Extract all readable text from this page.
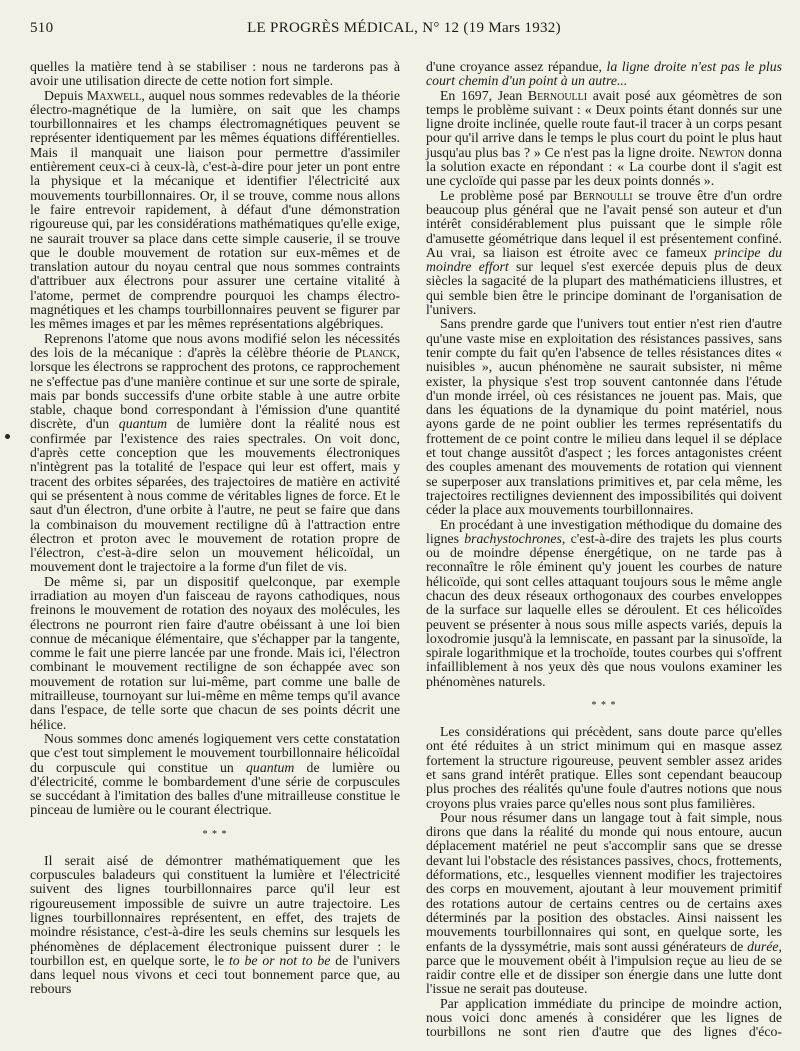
510	LE PROGRÈS MÉDICAL, N° 12 (19 Mars 1932)

quelles la matière tend à se stabiliser : nous ne tarderons pas à avoir une utilisation directe de cette notion fort simple.

Depuis Maxwell, auquel nous sommes redevables de la théorie électro-magnétique de la lumière, on sait que les champs tourbillonnaires et les champs électromagnétiques peuvent se représenter identiquement par les mêmes équations différentielles. Mais il manquait une liaison pour permettre d'assimiler entièrement ceux-ci à ceux-là, c'est-à-dire pour jeter un pont entre la physique et la mécanique et identifier l'électricité aux mouvements tourbillonnaires. Or, il se trouve, comme nous allons le faire entrevoir rapidement, à défaut d'une démonstration rigoureuse qui, par les considérations mathématiques qu'elle exige, ne saurait trouver sa place dans cette simple causerie, il se trouve que le double mouvement de rotation sur eux-mêmes et de translation autour du noyau central que nous sommes contraints d'attribuer aux électrons pour assurer une certaine vitalité à l'atome, permet de comprendre pourquoi les champs électro-magnétiques et les champs tourbillonnaires peuvent se figurer par les mêmes images et par les mêmes représentations algébriques.

Reprenons l'atome que nous avons modifié selon les nécessités des lois de la mécanique : d'après la célèbre théorie de Planck, lorsque les électrons se rapprochent des protons, ce rapprochement ne s'effectue pas d'une manière continue et sur une sorte de spirale, mais par bonds successifs d'une orbite stable à une autre orbite stable, chaque bond correspondant à l'émission d'une quantité discrète, d'un quantum de lumière dont la réalité nous est confirmée par l'existence des raies spectrales. On voit donc, d'après cette conception que les mouvements électroniques n'intègrent pas la totalité de l'espace qui leur est offert, mais y tracent des orbites séparées, des trajectoires de matière en activité qui se présentent à nous comme de véritables lignes de force. Et le saut d'un électron, d'une orbite à l'autre, ne peut se faire que dans la combinaison du mouvement rectiligne dû à l'attraction entre électron et proton avec le mouvement de rotation propre de l'électron, c'est-à-dire selon un mouvement hélicoïdal, un mouvement dont le trajectoire a la forme d'un filet de vis.

De même si, par un dispositif quelconque, par exemple irradiation au moyen d'un faisceau de rayons cathodiques, nous freinons le mouvement de rotation des noyaux des molécules, les électrons ne pourront rien faire d'autre obéissant à une loi bien connue de mécanique élémentaire, que s'échapper par la tangente, comme le fait une pierre lancée par une fronde. Mais ici, l'électron combinant le mouvement rectiligne de son échappée avec son mouvement de rotation sur lui-même, part comme une balle de mitrailleuse, tournoyant sur lui-même en même temps qu'il avance dans l'espace, de telle sorte que chacun de ses points décrit une hélice.

Nous sommes donc amenés logiquement vers cette constatation que c'est tout simplement le mouvement tourbillonnaire hélicoïdal du corpuscule qui constitue un quantum de lumière ou d'électricité, comme le bombardement d'une série de corpuscules se succédant à l'imitation des balles d'une mitrailleuse constitue le pinceau de lumière ou le courant électrique.

* * *

Il serait aisé de démontrer mathématiquement que les corpuscules baladeurs qui constituent la lumière et l'électricité suivent des lignes tourbillonnaires parce qu'il leur est rigoureusement impossible de suivre un autre trajectoire. Les lignes tourbillonnaires représentent, en effet, des trajets de moindre résistance, c'est-à-dire les seuls chemins sur lesquels les phénomènes de déplacement électronique puissent durer : le tourbillon est, en quelque sorte, le to be or not to be de l'univers dans lequel nous vivons et ceci tout bonnement parce que, au rebours

d'une croyance assez répandue, la ligne droite n'est pas le plus court chemin d'un point à un autre...

En 1697, Jean Bernoulli avait posé aux géomètres de son temps le problème suivant : « Deux points étant donnés sur une ligne droite inclinée, quelle route faut-il tracer à un corps pesant pour qu'il arrive dans le temps le plus court du point le plus haut jusqu'au plus bas ? » Ce n'est pas la ligne droite. Newton donna la solution exacte en répondant : « La courbe dont il s'agit est une cycloïde qui passe par les deux points donnés ».

Le problème posé par Bernoulli se trouve être d'un ordre beaucoup plus général que ne l'avait pensé son auteur et d'un intérêt considérablement plus puissant que le simple rôle d'amusette géométrique dans lequel il est présentement confiné. Au vrai, sa liaison est étroite avec ce fameux principe du moindre effort sur lequel s'est exercée depuis plus de deux siècles la sagacité de la plupart des mathématiciens illustres, et qui semble bien être le principe dominant de l'organisation de l'univers.

Sans prendre garde que l'univers tout entier n'est rien d'autre qu'une vaste mise en exploitation des résistances passives, sans tenir compte du fait qu'en l'absence de telles résistances dites « nuisibles », aucun phénomène ne saurait subsister, ni même exister, la physique s'est trop souvent cantonnée dans l'étude d'un monde irréel, où ces résistances ne jouent pas. Mais, que dans les équations de la dynamique du point matériel, nous ayons garde de ne point oublier les termes représentatifs du frottement de ce point contre le milieu dans lequel il se déplace et tout change aussitôt d'aspect ; les forces antagonistes créent des couples amenant des mouvements de rotation qui viennent se superposer aux translations primitives et, par cela même, les trajectoires rectilignes deviennent des impossibilités qui doivent céder la place aux mouvements tourbillonnaires.

En procédant à une investigation méthodique du domaine des lignes brachystochrones, c'est-à-dire des trajets les plus courts ou de moindre dépense énergétique, on ne tarde pas à reconnaître le rôle éminent qu'y jouent les courbes de nature hélicoïde, qui sont celles attaquant toujours sous le même angle chacun des deux réseaux orthogonaux des courbes enveloppes de la surface sur laquelle elles se déroulent. Et ces hélicoïdes peuvent se présenter à nous sous mille aspects variés, depuis la loxodromie jusqu'à la lemniscate, en passant par la sinusoïde, la spirale logarithmique et la trochoïde, toutes courbes qui s'offrent infailliblement à nos yeux dès que nous voulons examiner les phénomènes naturels.

* * *

Les considérations qui précèdent, sans doute parce qu'elles ont été réduites à un strict minimum qui en masque assez fortement la structure rigoureuse, peuvent sembler assez arides et sans grand intérêt pratique. Elles sont cependant beaucoup plus proches des réalités qu'une foule d'autres notions que nous croyons plus vraies parce qu'elles nous sont plus familières.

Pour nous résumer dans un langage tout à fait simple, nous dirons que dans la réalité du monde qui nous entoure, aucun déplacement matériel ne peut s'accomplir sans que se dresse devant lui l'obstacle des résistances passives, chocs, frottements, déformations, etc., lesquelles viennent modifier les trajectoires des corps en mouvement, ajoutant à leur mouvement primitif des rotations autour de certains centres ou de certains axes déterminés par la position des obstacles. Ainsi naissent les mouvements tourbillonnaires qui sont, en quelque sorte, les enfants de la dyssymétrie, mais sont aussi générateurs de durée, parce que le mouvement obéit à l'impulsion reçue au lieu de se raidir contre elle et de dissiper son énergie dans une lutte dont l'issue ne serait pas douteuse.

Par application immédiate du principe de moindre action, nous voici donc amenés à considérer que les lignes de tourbillons ne sont rien d'autre que des lignes d'éco-
